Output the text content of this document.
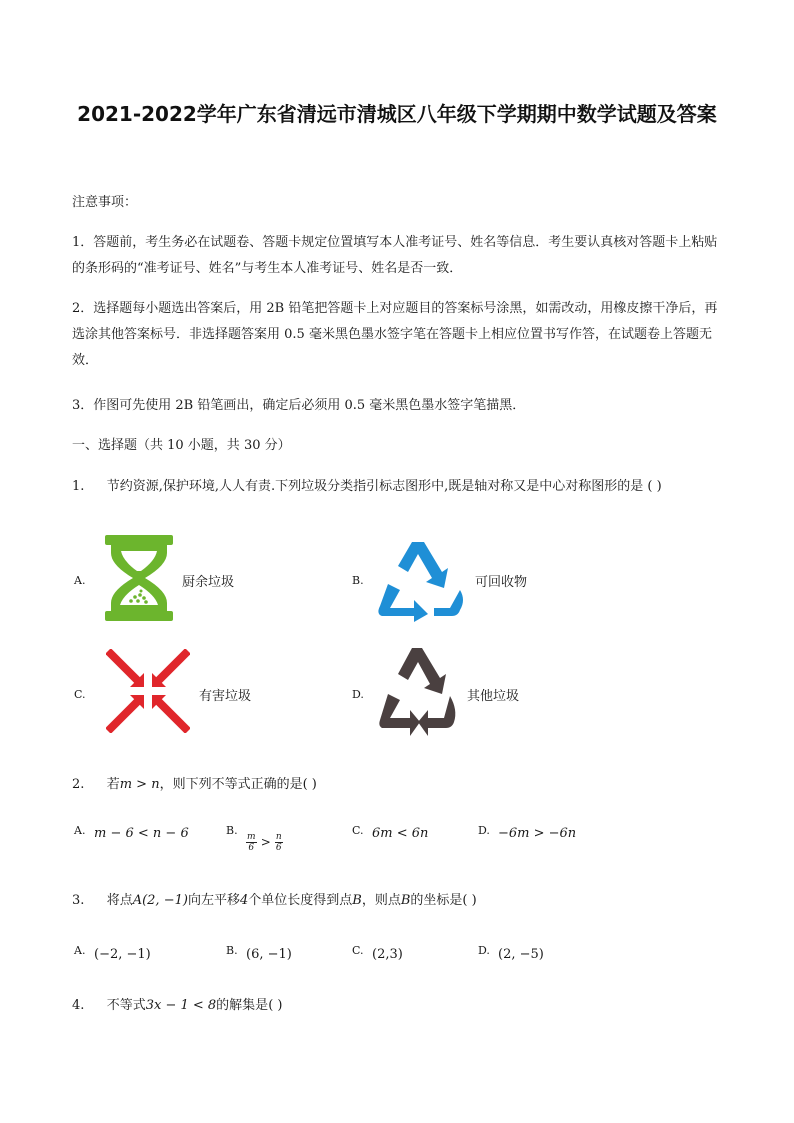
2021-2022学年广东省清远市清城区八年级下学期期中数学试题及答案
注意事项：
1．答题前，考生务必在试题卷、答题卡规定位置填写本人准考证号、姓名等信息．考生要认真核对答题卡上粘贴的条形码的“准考证号、姓名”与考生本人准考证号、姓名是否一致．
2．选择题每小题选出答案后，用 2B 铅笔把答题卡上对应题目的答案标号涂黑，如需改动，用橡皮擦干净后，再选涂其他答案标号．非选择题答案用 0.5 毫米黑色墨水签字笔在答题卡上相应位置书写作答，在试题卷上答题无效．
3．作图可先使用 2B 铅笔画出，确定后必须用 0.5 毫米黑色墨水签字笔描黑．
一、选择题（共 10 小题，共 30 分）
1. 节约资源,保护环境,人人有责.下列垃圾分类指引标志图形中,既是轴对称又是中心对称图形的是 ( )
A.	厨余垃圾	B.	可回收物
C.	有害垃圾	D.	其他垃圾
2. 若m > n，则下列不等式正确的是( )
A. m − 6 < n − 6	B.
$\frac{m}{6} > \frac{n}{6}$
C. 6m < 6n	D. −6m > −6n
3. 将点A(2, −1)向左平移4个单位长度得到点B，则点B的坐标是( )
A. (−2, −1)	B. (6, −1)	C. (2,3)	D. (2, −5)
4. 不等式3x − 1 < 8的解集是( )
